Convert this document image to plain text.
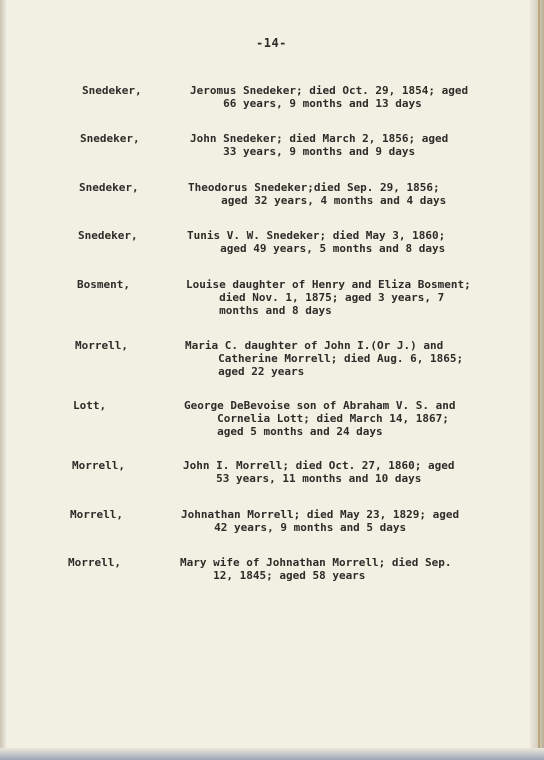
-14-
Snedeker,	Jeromus Snedeker; died Oct. 29, 1854; aged
66 years, 9 months and 13 days
Snedeker,	John Snedeker; died March 2, 1856; aged
33 years, 9 months and 9 days
Snedeker,	Theodorus Snedeker;died Sep. 29, 1856;
aged 32 years, 4 months and 4 days
Snedeker,	Tunis V. W. Snedeker; died May 3, 1860;
aged 49 years, 5 months and 8 days
Bosment,	Louise daughter of Henry and Eliza Bosment;
died Nov. 1, 1875; aged 3 years, 7
months and 8 days
Morrell,	Maria C. daughter of John I.(Or J.) and
Catherine Morrell; died Aug. 6, 1865;
aged 22 years
Lott,	George DeBevoise son of Abraham V. S. and
Cornelia Lott; died March 14, 1867;
aged 5 months and 24 days
Morrell,	John I. Morrell; died Oct. 27, 1860; aged
53 years, 11 months and 10 days
Morrell,	Johnathan Morrell; died May 23, 1829; aged
42 years, 9 months and 5 days
Morrell,	Mary wife of Johnathan Morrell; died Sep.
12, 1845; aged 58 years
